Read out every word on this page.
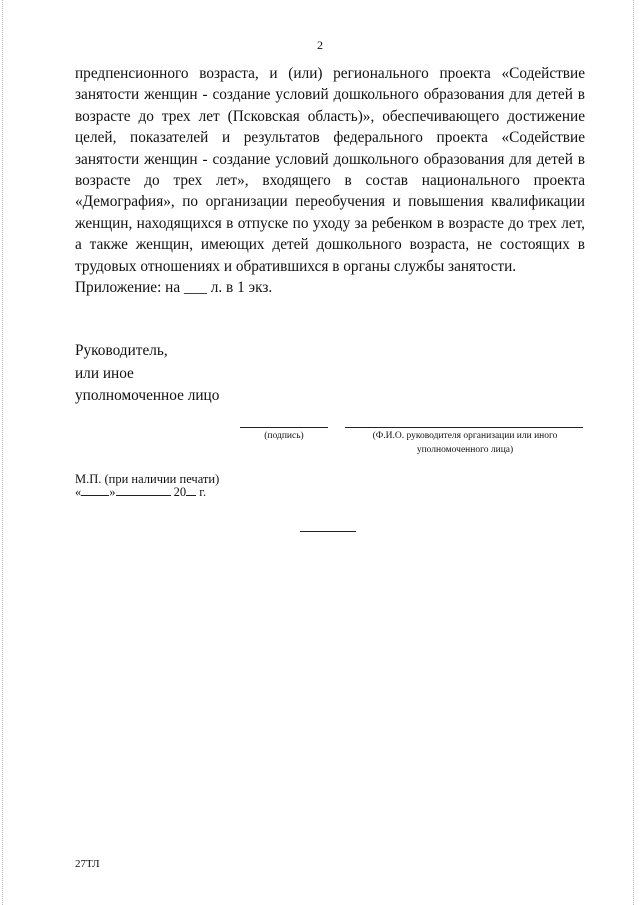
2

предпенсионного возраста, и (или) регионального проекта «Содействие занятости женщин - создание условий дошкольного образования для детей в возрасте до трех лет (Псковская область)», обеспечивающего достижение целей, показателей и результатов федерального проекта «Содействие занятости женщин - создание условий дошкольного образования для детей в возрасте до трех лет», входящего в состав национального проекта «Демография», по организации переобучения и повышения квалификации женщин, находящихся в отпуске по уходу за ребенком в возрасте до трех лет, а также женщин, имеющих детей дошкольного возраста, не состоящих в трудовых отношениях и обратившихся в органы службы занятости.

Приложение: на ___ л. в 1 экз.

Руководитель,
или иное
уполномоченное лицо
(подпись)	(Ф.И.О. руководителя организации или иного уполномоченного лица)
М.П. (при наличии печати)
« »	20 г.
27ТЛ
